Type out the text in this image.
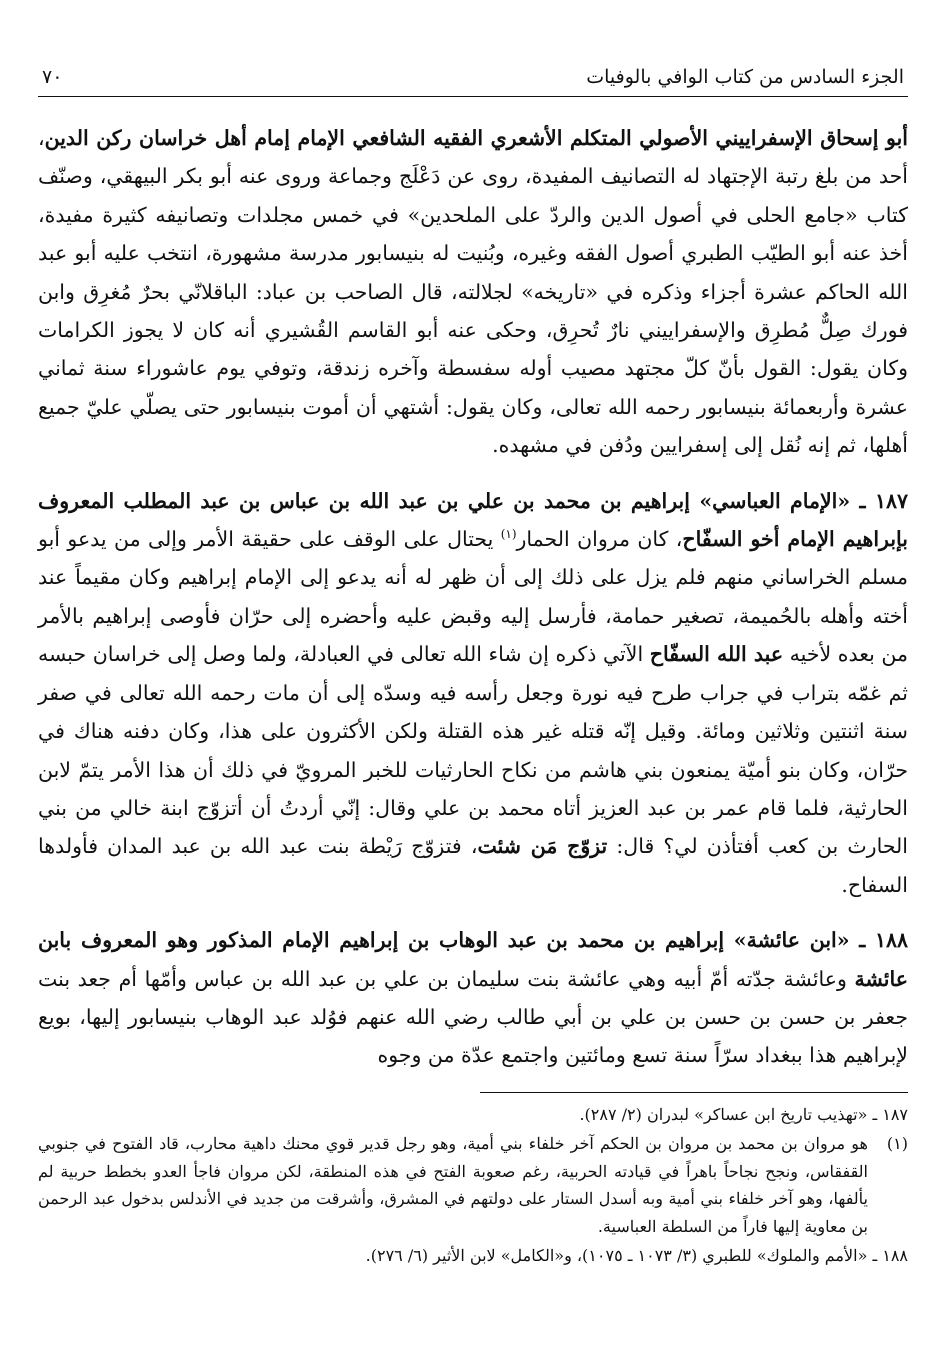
الجزء السادس من كتاب الوافي بالوفيات
٧٠

أبو إسحاق الإسفراييني الأصولي المتكلم الأشعري الفقيه الشافعي الإمام إمام أهل خراسان ركن الدين، أحد من بلغ رتبة الإجتهاد له التصانيف المفيدة، روى عن دَعْلَج وجماعة وروى عنه أبو بكر البيهقي، وصنّف كتاب «جامع الحلى في أصول الدين والردّ على الملحدين» في خمس مجلدات وتصانيفه كثيرة مفيدة، أخذ عنه أبو الطيّب الطبري أصول الفقه وغيره، وبُنيت له بنيسابور مدرسة مشهورة، انتخب عليه أبو عبد الله الحاكم عشرة أجزاء وذكره في «تاريخه» لجلالته، قال الصاحب بن عباد: الباقلانّي بحرٌ مُغرِق وابن فورك صِلٌّ مُطرِق والإسفراييني نارٌ تُحرِق، وحكى عنه أبو القاسم القُشيري أنه كان لا يجوز الكرامات وكان يقول: القول بأنّ كلّ مجتهد مصيب أوله سفسطة وآخره زندقة، وتوفي يوم عاشوراء سنة ثماني عشرة وأربعمائة بنيسابور رحمه الله تعالى، وكان يقول: أشتهي أن أموت بنيسابور حتى يصلّي عليّ جميع أهلها، ثم إنه نُقل إلى إسفرايين ودُفن في مشهده.

١٨٧ ـ «الإمام العباسي» إبراهيم بن محمد بن علي بن عبد الله بن عباس بن عبد المطلب المعروف بإبراهيم الإمام أخو السفّاح، كان مروان الحمار$^{(١)}$ يحتال على الوقف على حقيقة الأمر وإلى من يدعو أبو مسلم الخراساني منهم فلم يزل على ذلك إلى أن ظهر له أنه يدعو إلى الإمام إبراهيم وكان مقيماً عند أخته وأهله بالحُميمة، تصغير حمامة، فأرسل إليه وقبض عليه وأحضره إلى حرّان فأوصى إبراهيم بالأمر من بعده لأخيه عبد الله السفّاح الآتي ذكره إن شاء الله تعالى في العبادلة، ولما وصل إلى خراسان حبسه ثم غمّه بتراب في جراب طرح فيه نورة وجعل رأسه فيه وسدّه إلى أن مات رحمه الله تعالى في صفر سنة اثنتين وثلاثين ومائة. وقيل إنّه قتله غير هذه القتلة ولكن الأكثرون على هذا، وكان دفنه هناك في حرّان، وكان بنو أميّة يمنعون بني هاشم من نكاح الحارثيات للخبر المرويّ في ذلك أن هذا الأمر يتمّ لابن الحارثية، فلما قام عمر بن عبد العزيز أتاه محمد بن علي وقال: إنّي أردتُ أن أتزوّج ابنة خالي من بني الحارث بن كعب أفتأذن لي؟ قال: تزوّج مَن شئت، فتزوّج رَيْطة بنت عبد الله بن عبد المدان فأولدها السفاح.

١٨٨ ـ «ابن عائشة» إبراهيم بن محمد بن عبد الوهاب بن إبراهيم الإمام المذكور وهو المعروف بابن عائشة وعائشة جدّته أمّ أبيه وهي عائشة بنت سليمان بن علي بن عبد الله بن عباس وأمّها أم جعد بنت جعفر بن حسن بن حسن بن علي بن أبي طالب رضي الله عنهم فوُلد عبد الوهاب بنيسابور إليها، بويع لإبراهيم هذا ببغداد سرّاً سنة تسع ومائتين واجتمع عدّة من وجوه

١٨٧ ـ «تهذيب تاريخ ابن عساكر» لبدران (٢/ ٢٨٧).

(١)
هو مروان بن محمد بن مروان بن الحكم آخر خلفاء بني أمية، وهو رجل قدير قوي محنك داهية محارب، قاد الفتوح في جنوبي القفقاس، ونجح نجاحاً باهراً في قيادته الحربية، رغم صعوبة الفتح في هذه المنطقة، لكن مروان فاجأ العدو بخطط حربية لم يألفها، وهو آخر خلفاء بني أمية وبه أسدل الستار على دولتهم في المشرق، وأشرقت من جديد في الأندلس بدخول عبد الرحمن بن معاوية إليها فاراً من السلطة العباسية.

١٨٨ ـ «الأمم والملوك» للطبري (٣/ ١٠٧٣ ـ ١٠٧٥)، و«الكامل» لابن الأثير (٦/ ٢٧٦).
